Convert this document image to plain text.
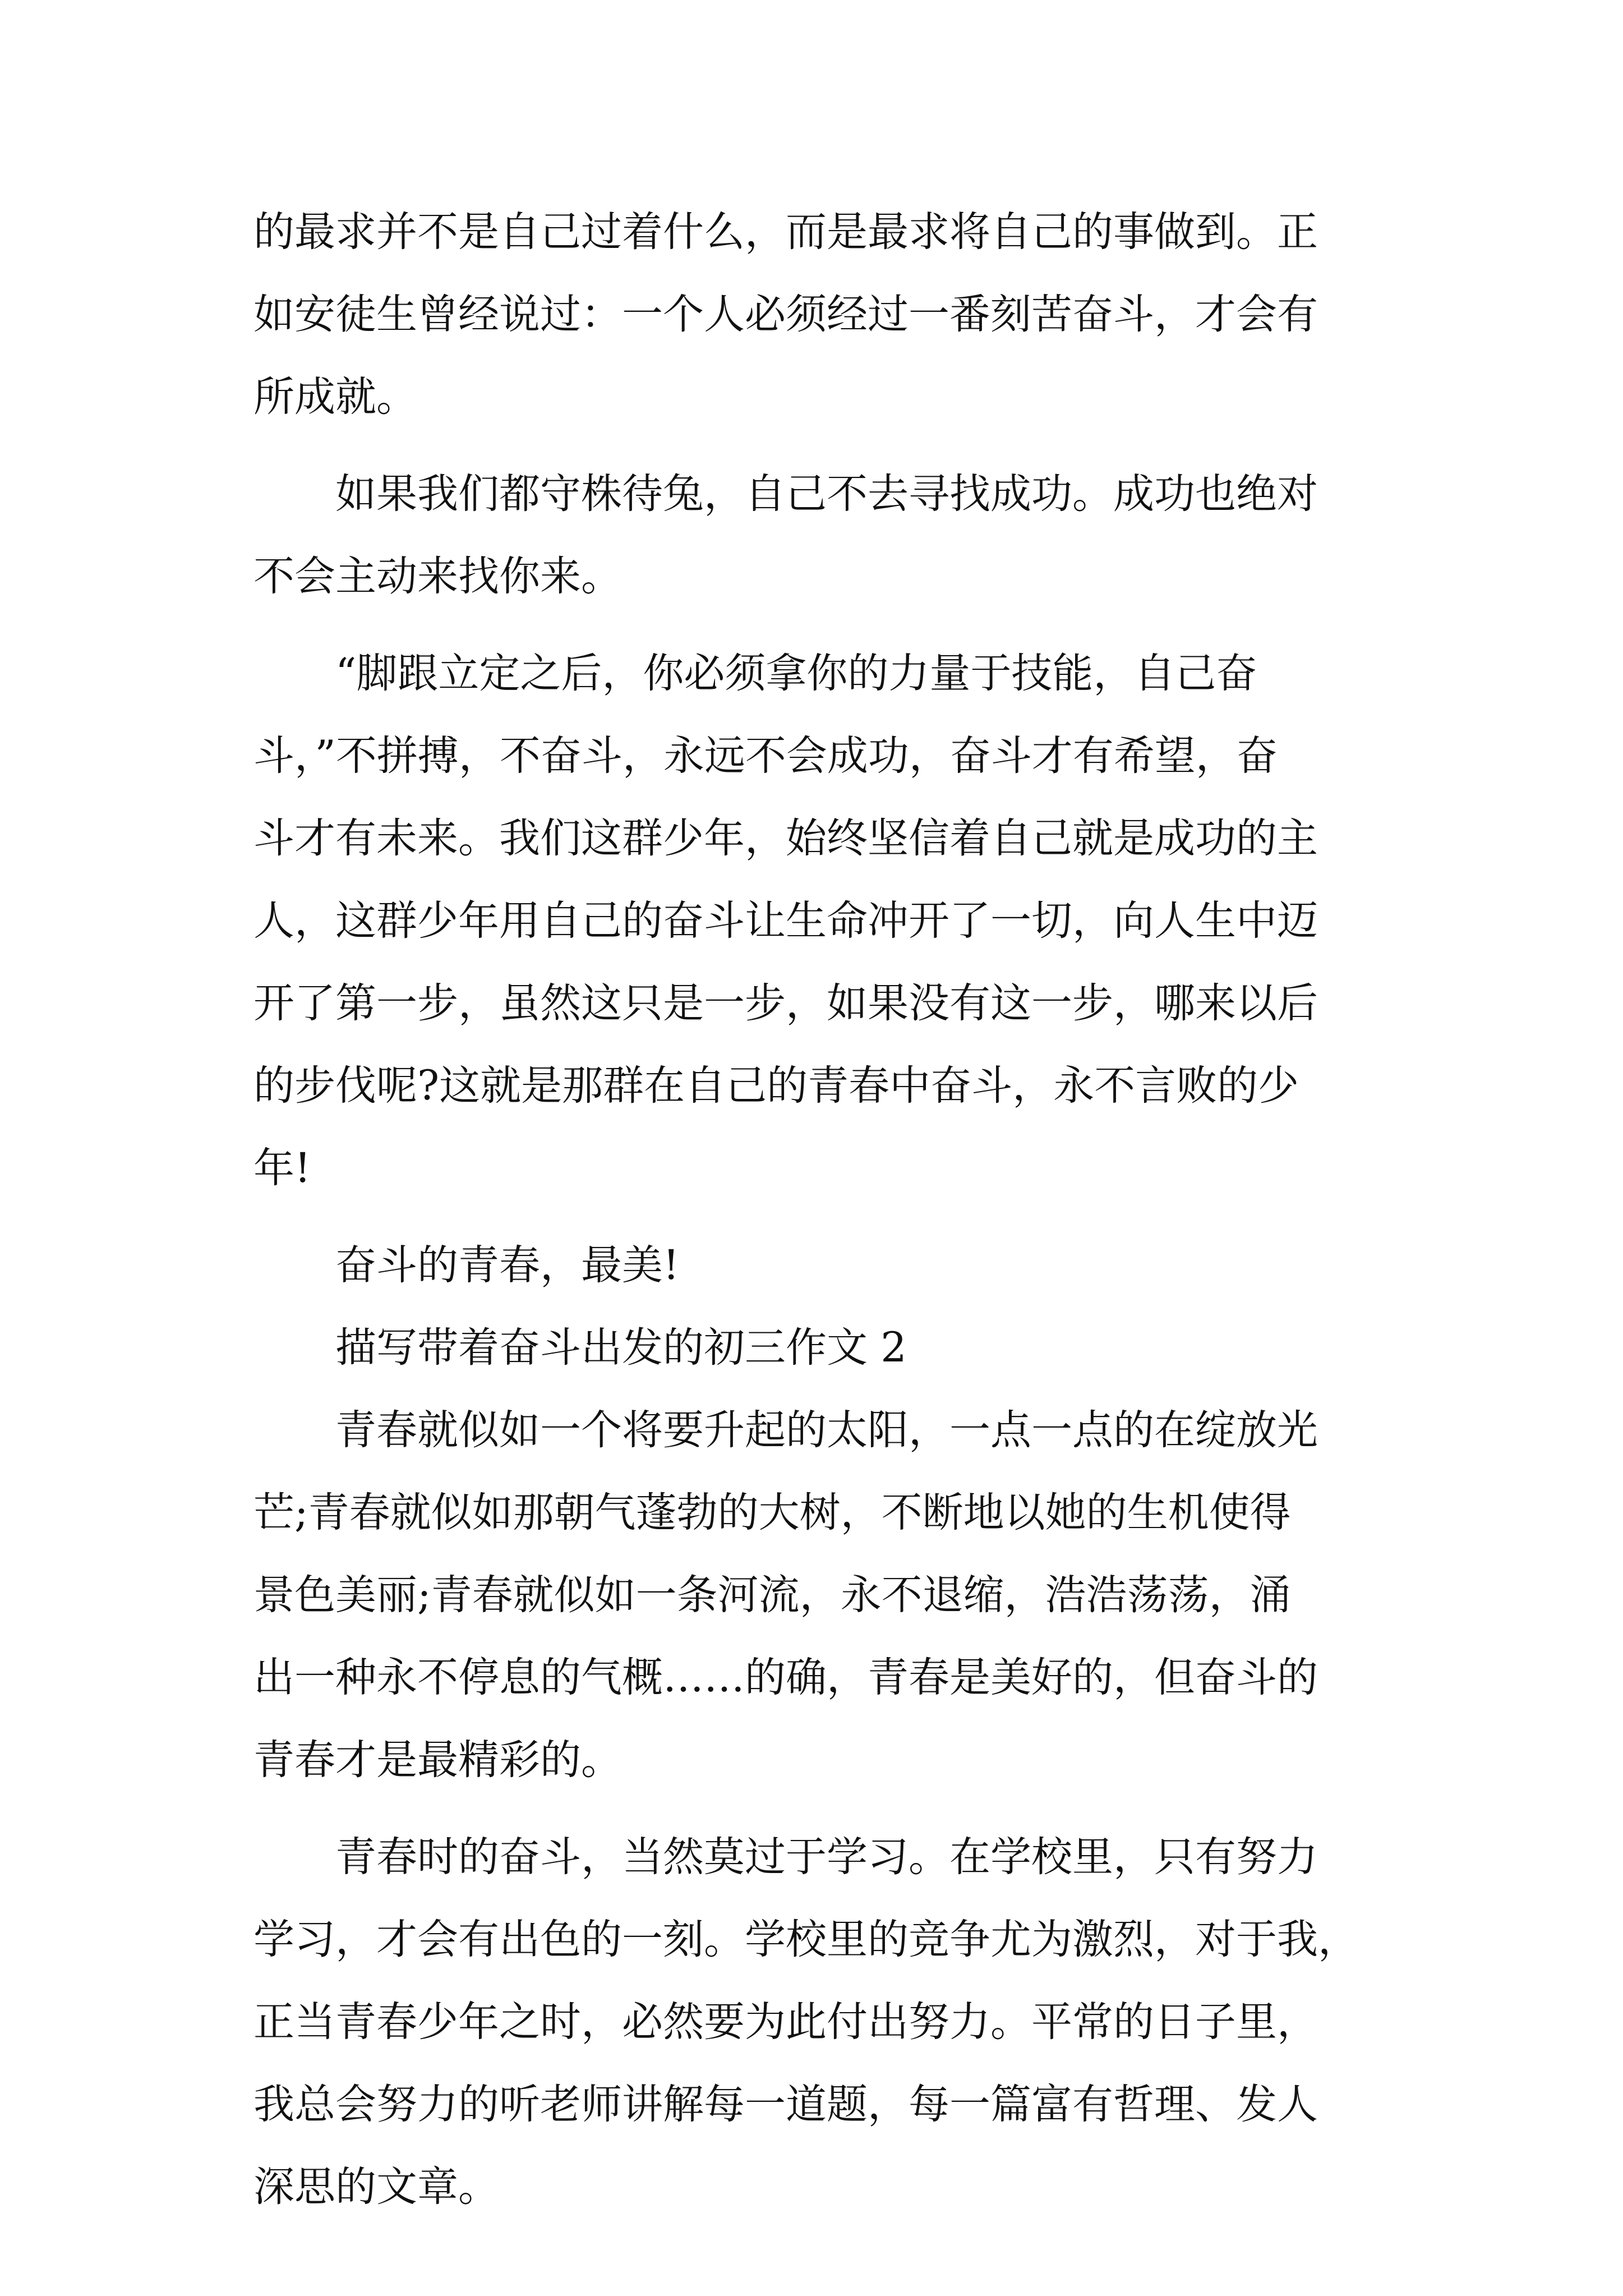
的最求并不是自己过着什么，而是最求将自己的事做到。正
如安徒生曾经说过：一个人必须经过一番刻苦奋斗，才会有
所成就。
　　如果我们都守株待兔，自己不去寻找成功。成功也绝对
不会主动来找你来。
　　“脚跟立定之后，你必须拿你的力量于技能，自己奋
斗，”不拼搏，不奋斗，永远不会成功，奋斗才有希望，奋
斗才有未来。我们这群少年，始终坚信着自己就是成功的主
人，这群少年用自己的奋斗让生命冲开了一切，向人生中迈
开了第一步，虽然这只是一步，如果没有这一步，哪来以后
的步伐呢?这就是那群在自己的青春中奋斗，永不言败的少
年!
　　奋斗的青春，最美!
　　描写带着奋斗出发的初三作文 2
　　青春就似如一个将要升起的太阳，一点一点的在绽放光
芒;青春就似如那朝气蓬勃的大树，不断地以她的生机使得
景色美丽;青春就似如一条河流，永不退缩，浩浩荡荡，涌
出一种永不停息的气概……的确，青春是美好的，但奋斗的
青春才是最精彩的。
　　青春时的奋斗，当然莫过于学习。在学校里，只有努力
学习，才会有出色的一刻。学校里的竞争尤为激烈，对于我，
正当青春少年之时，必然要为此付出努力。平常的日子里，
我总会努力的听老师讲解每一道题，每一篇富有哲理、发人
深思的文章。
